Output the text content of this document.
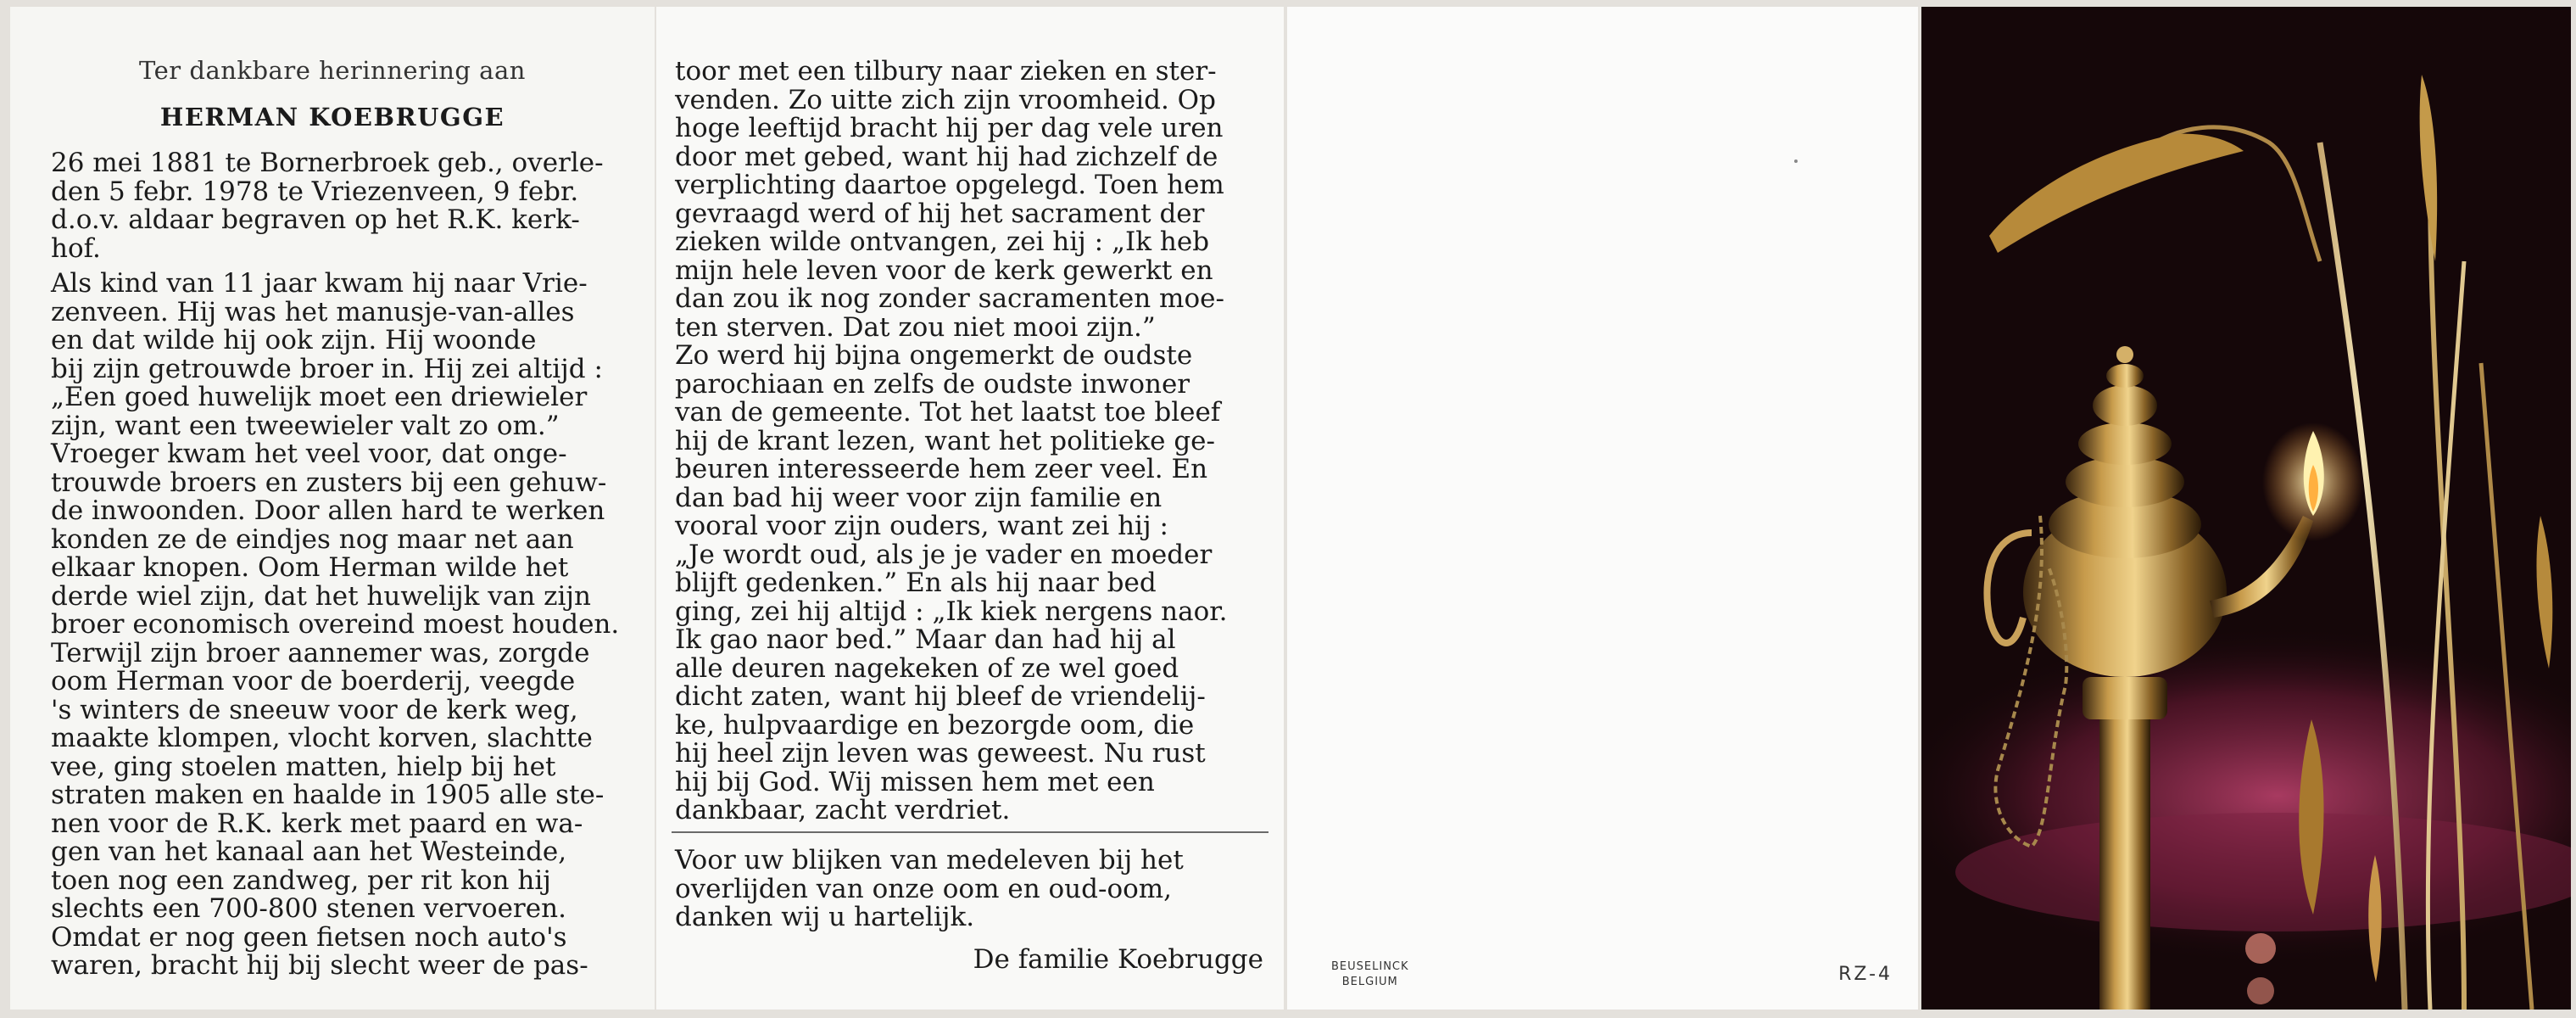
Ter dankbare herinnering aan
HERMAN KOEBRUGGE

26 mei 1881 te Bornerbroek geb., overle-
den 5 febr. 1978 te Vriezenveen, 9 febr.
d.o.v. aldaar begraven op het R.K. kerk-
hof.

Als kind van 11 jaar kwam hij naar Vrie-
zenveen. Hij was het manusje-van-alles
en dat wilde hij ook zijn. Hij woonde
bij zijn getrouwde broer in. Hij zei altijd :
„Een goed huwelijk moet een driewieler
zijn, want een tweewieler valt zo om.”
Vroeger kwam het veel voor, dat onge-
trouwde broers en zusters bij een gehuw-
de inwoonden. Door allen hard te werken
konden ze de eindjes nog maar net aan
elkaar knopen. Oom Herman wilde het
derde wiel zijn, dat het huwelijk van zijn
broer economisch overeind moest houden.
Terwijl zijn broer aannemer was, zorgde
oom Herman voor de boerderij, veegde
's winters de sneeuw voor de kerk weg,
maakte klompen, vlocht korven, slachtte
vee, ging stoelen matten, hielp bij het
straten maken en haalde in 1905 alle ste-
nen voor de R.K. kerk met paard en wa-
gen van het kanaal aan het Westeinde,
toen nog een zandweg, per rit kon hij
slechts een 700-800 stenen vervoeren.
Omdat er nog geen fietsen noch auto's
waren, bracht hij bij slecht weer de pas-

toor met een tilbury naar zieken en ster-
venden. Zo uitte zich zijn vroomheid. Op
hoge leeftijd bracht hij per dag vele uren
door met gebed, want hij had zichzelf de
verplichting daartoe opgelegd. Toen hem
gevraagd werd of hij het sacrament der
zieken wilde ontvangen, zei hij : „Ik heb
mijn hele leven voor de kerk gewerkt en
dan zou ik nog zonder sacramenten moe-
ten sterven. Dat zou niet mooi zijn.”
Zo werd hij bijna ongemerkt de oudste
parochiaan en zelfs de oudste inwoner
van de gemeente. Tot het laatst toe bleef
hij de krant lezen, want het politieke ge-
beuren interesseerde hem zeer veel. En
dan bad hij weer voor zijn familie en
vooral voor zijn ouders, want zei hij :
„Je wordt oud, als je je vader en moeder
blijft gedenken.” En als hij naar bed
ging, zei hij altijd : „Ik kiek nergens naor.
Ik gao naor bed.” Maar dan had hij al
alle deuren nagekeken of ze wel goed
dicht zaten, want hij bleef de vriendelij-
ke, hulpvaardige en bezorgde oom, die
hij heel zijn leven was geweest. Nu rust
hij bij God. Wij missen hem met een
dankbaar, zacht verdriet.

Voor uw blijken van medeleven bij het
overlijden van onze oom en oud-oom,
danken wij u hartelijk.

De familie Koebrugge	BEUSELINCK
BELGIUM	RZ-4
